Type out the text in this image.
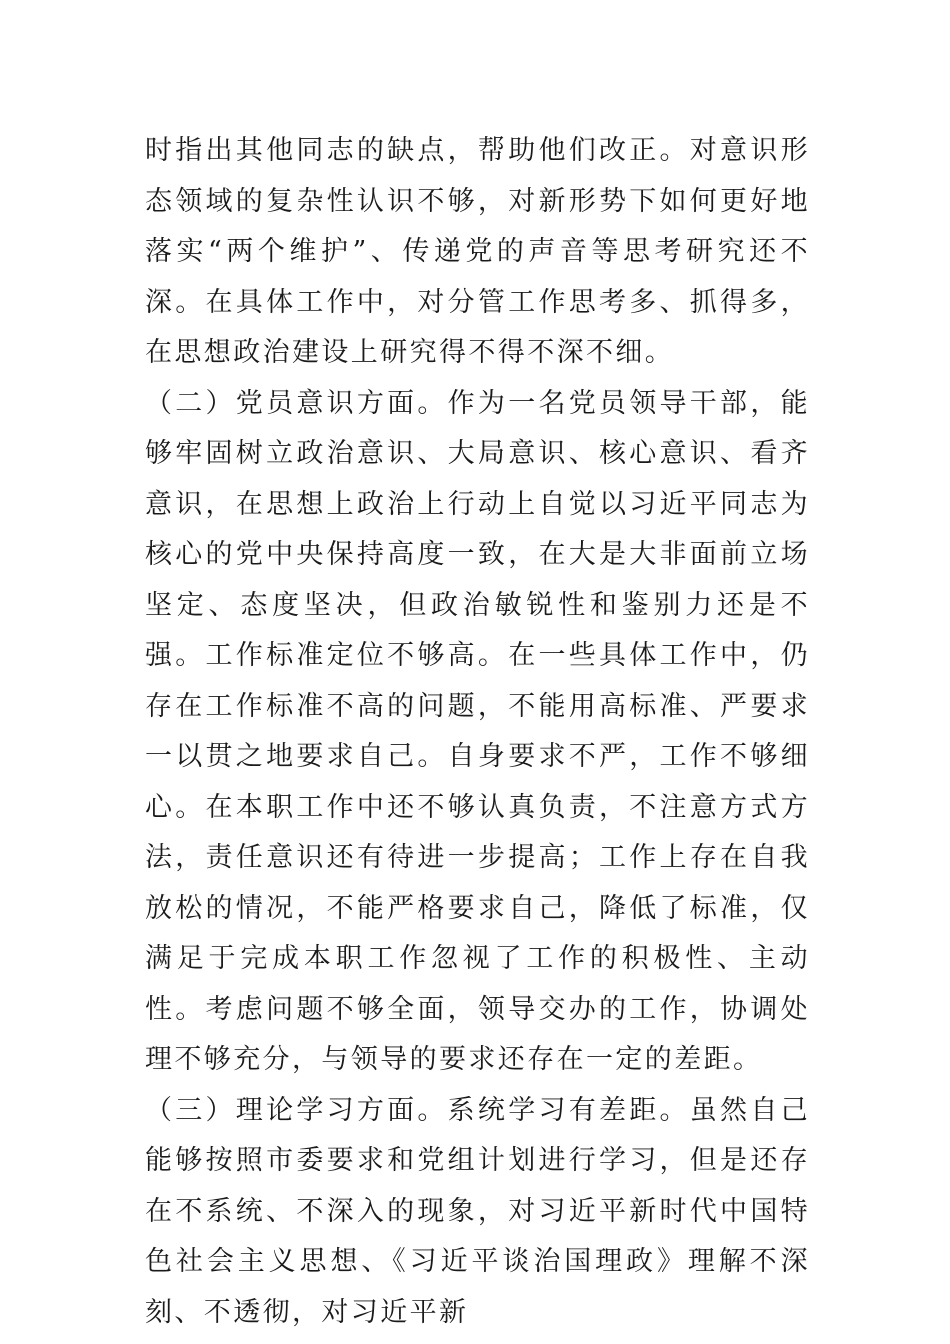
时指出其他同志的缺点，帮助他们改正。对意识形态领域的复杂性认识不够，对新形势下如何更好地落实“两个维护”、传递党的声音等思考研究还不深。在具体工作中，对分管工作思考多、抓得多，在思想政治建设上研究得不得不深不细。

（二）党员意识方面。作为一名党员领导干部，能够牢固树立政治意识、大局意识、核心意识、看齐意识，在思想上政治上行动上自觉以习近平同志为核心的党中央保持高度一致，在大是大非面前立场坚定、态度坚决，但政治敏锐性和鉴别力还是不强。工作标准定位不够高。在一些具体工作中，仍存在工作标准不高的问题，不能用高标准、严要求一以贯之地要求自己。自身要求不严，工作不够细心。在本职工作中还不够认真负责，不注意方式方法，责任意识还有待进一步提高；工作上存在自我放松的情况，不能严格要求自己，降低了标准，仅满足于完成本职工作忽视了工作的积极性、主动性。考虑问题不够全面，领导交办的工作，协调处理不够充分，与领导的要求还存在一定的差距。

（三）理论学习方面。系统学习有差距。虽然自己能够按照市委要求和党组计划进行学习，但是还存在不系统、不深入的现象，对习近平新时代中国特色社会主义思想、《习近平谈治国理政》理解不深刻、不透彻，对习近平新
